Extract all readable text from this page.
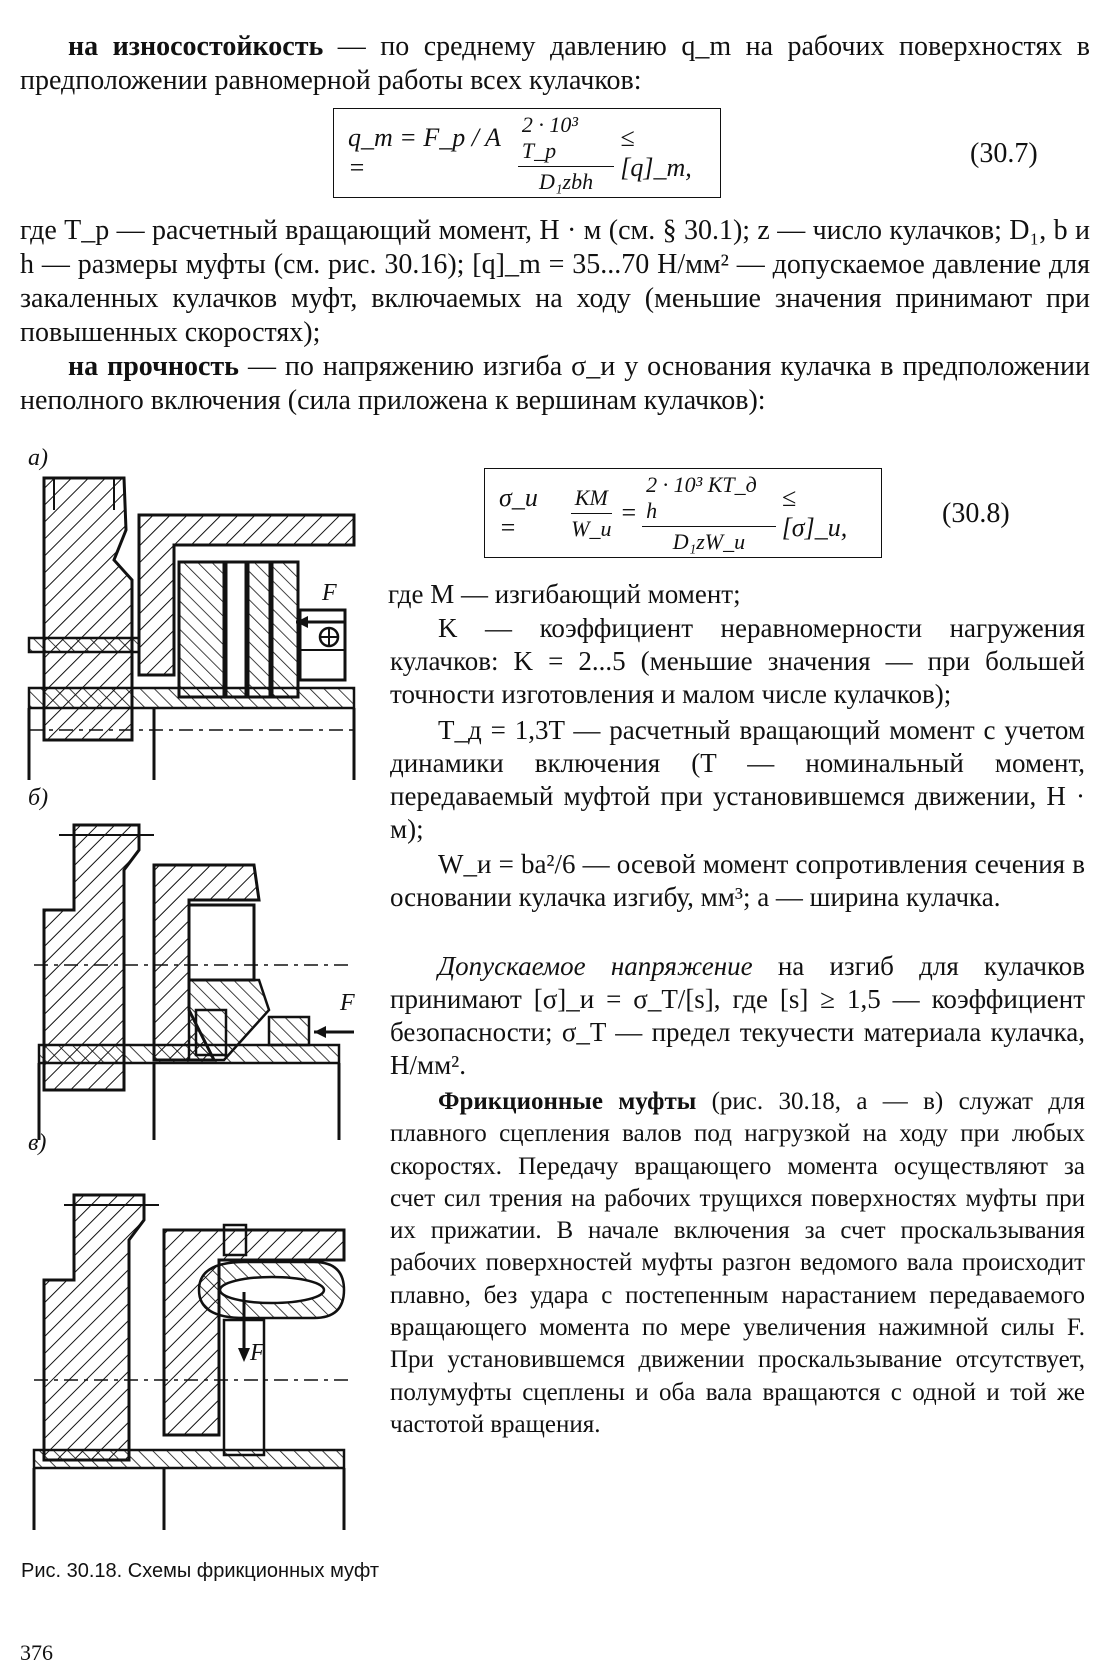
на износостойкость — по среднему давлению q_m на рабочих поверхностях в предположении равномерной работы всех кулачков:

q_m = F_p / A =	$\frac{\text{2 · 10³ T\_p}}{\text{D₁zbh}}$ ≤ [q]_m,	(30.7)

где T_р — расчетный вращающий момент, Н · м (см. § 30.1); z — число кулачков; D₁, b и h — размеры муфты (см. рис. 30.16); [q]_m = 35...70 Н/мм² — допускаемое давление для закаленных кулачков муфт, включаемых на ходу (меньшие значения принимают при повышенных скоростях);

на прочность — по напряжению изгиба σ_и у основания кулачка в предположении неполного включения (сила приложена к вершинам кулачков):

σ_и =	$\frac{KM}{W\_и} = \frac{\text{2 · 10³ KT\_д h}}{\text{D₁zW\_и}}$ ≤ [σ]_и,	(30.8)

где M — изгибающий момент;

K — коэффициент неравномерности нагружения кулачков: K = 2...5 (меньшие значения — при большей точности изготовления и малом числе кулачков);

T_д = 1,3T — расчетный вращающий момент с учетом динамики включения (T — номинальный момент, передаваемый муфтой при установившемся движении, Н · м);

W_и = ba²/6 — осевой момент сопротивления сечения в основании кулачка изгибу, мм³; a — ширина кулачка.

Допускаемое напряжение на изгиб для кулачков принимают [σ]_и = σ_T/[s], где [s] ≥ 1,5 — коэффициент безопасности; σ_T — предел текучести материала кулачка, Н/мм².

Фрикционные муфты (рис. 30.18, а — в) служат для плавного сцепления валов под нагрузкой на ходу при любых скоростях. Передачу вращающего момента осуществляют за счет сил трения на рабочих трущихся поверхностях муфты при их прижатии. В начале включения за счет проскальзывания рабочих поверхностей муфты разгон ведомого вала происходит плавно, без удара с постепенным нарастанием передаваемого вращающего момента по мере увеличения нажимной силы F. При установившемся движении проскальзывание отсутствует, полумуфты сцеплены и оба вала вращаются с одной и той же частотой вращения.

а)
б)
в)
F
F
F
Рис. 30.18. Схемы фрикционных муфт
376
